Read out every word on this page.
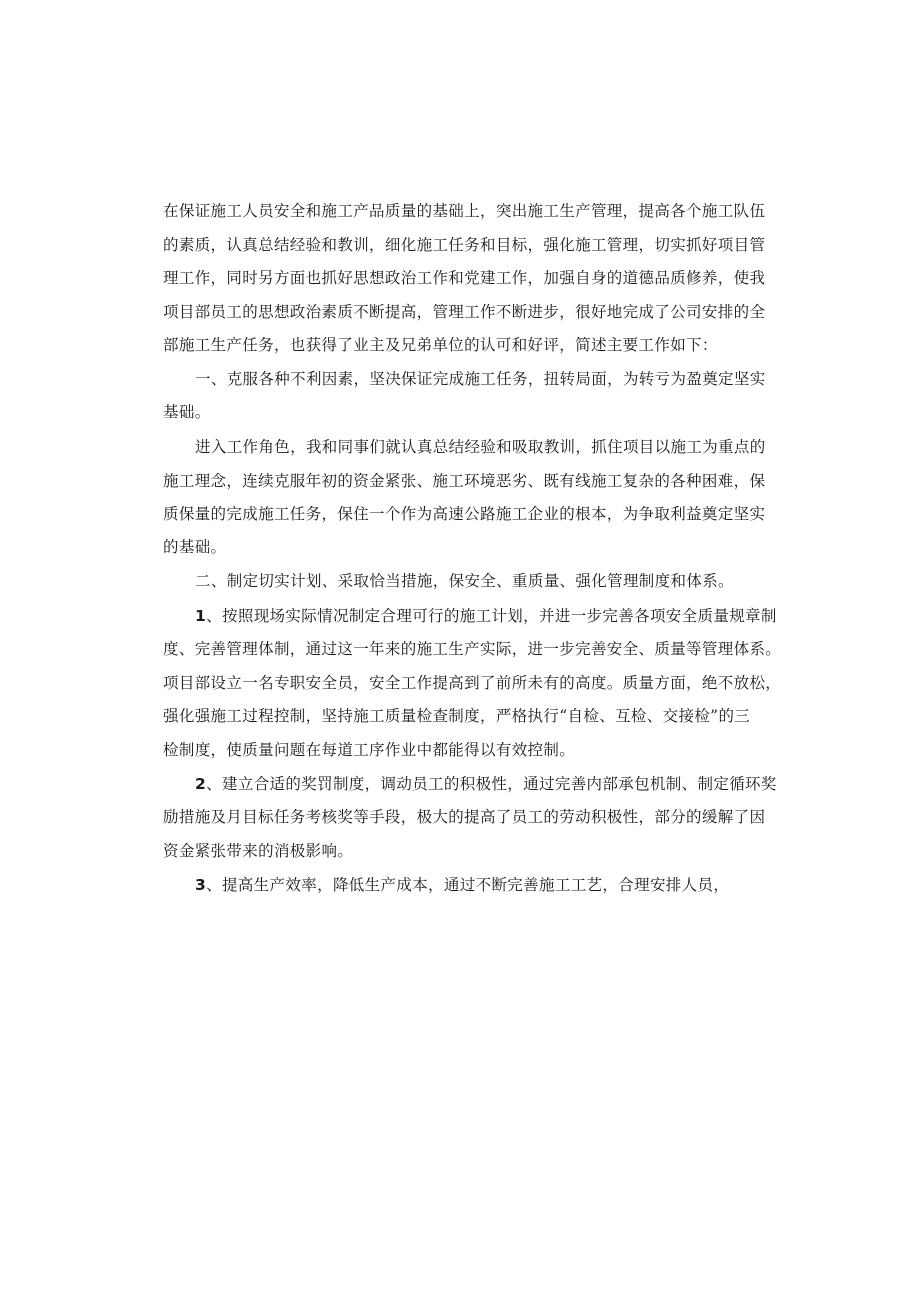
在保证施工人员安全和施工产品质量的基础上，突出施工生产管理，提高各个施工队伍
的素质，认真总结经验和教训，细化施工任务和目标，强化施工管理，切实抓好项目管
理工作，同时另方面也抓好思想政治工作和党建工作，加强自身的道德品质修养，使我
项目部员工的思想政治素质不断提高，管理工作不断进步，很好地完成了公司安排的全
部施工生产任务，也获得了业主及兄弟单位的认可和好评，简述主要工作如下：
一、克服各种不利因素，坚决保证完成施工任务，扭转局面，为转亏为盈奠定坚实
基础。
进入工作角色，我和同事们就认真总结经验和吸取教训，抓住项目以施工为重点的
施工理念，连续克服年初的资金紧张、施工环境恶劣、既有线施工复杂的各种困难，保
质保量的完成施工任务，保住一个作为高速公路施工企业的根本，为争取利益奠定坚实
的基础。
二、制定切实计划、采取恰当措施，保安全、重质量、强化管理制度和体系。
1、按照现场实际情况制定合理可行的施工计划，并进一步完善各项安全质量规章制
度、完善管理体制，通过这一年来的施工生产实际，进一步完善安全、质量等管理体系。
项目部设立一名专职安全员，安全工作提高到了前所未有的高度。质量方面，绝不放松，
强化强施工过程控制，坚持施工质量检查制度，严格执行“自检、互检、交接检”的三
检制度，使质量问题在每道工序作业中都能得以有效控制。
2、建立合适的奖罚制度，调动员工的积极性，通过完善内部承包机制、制定循环奖
励措施及月目标任务考核奖等手段，极大的提高了员工的劳动积极性，部分的缓解了因
资金紧张带来的消极影响。
3、提高生产效率，降低生产成本，通过不断完善施工工艺，合理安排人员，
